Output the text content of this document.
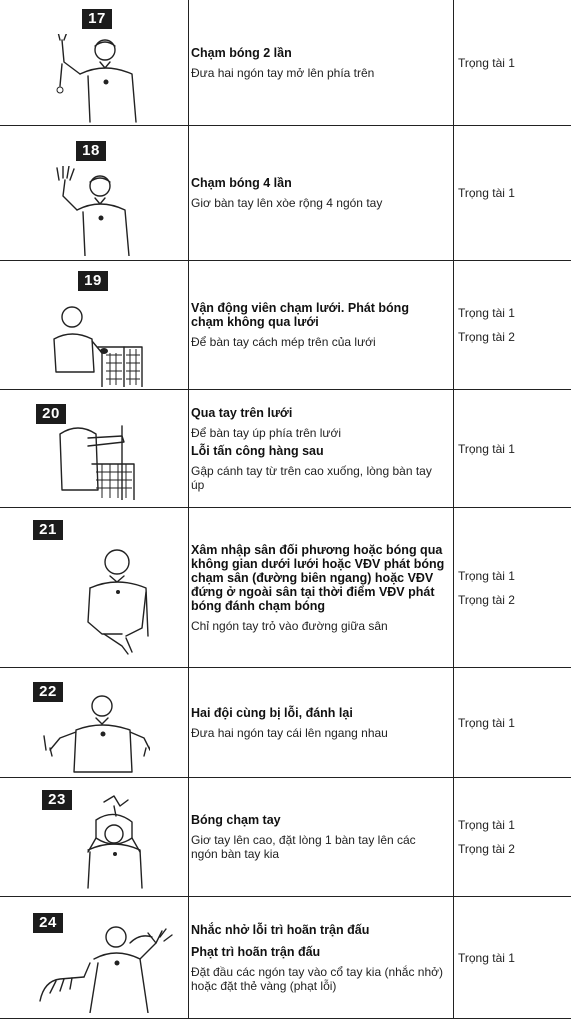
17
Chạm bóng 2 lần
Đưa hai ngón tay mở lên phía trên
Trọng tài 1
18
Chạm bóng 4 lần
Giơ bàn tay lên xòe rộng 4 ngón tay
Trọng tài 1
19
Vận động viên chạm lưới. Phát bóng chạm không qua lưới
Để bàn tay cách mép trên của lưới
Trọng tài 1
Trọng tài 2
20	Qua tay trên lưới
Để bàn tay úp phía trên lưới
Lỗi tấn công hàng sau
Gập cánh tay từ trên cao xuống, lòng bàn tay úp
Trọng tài 1
21
Xâm nhập sân đối phương hoặc bóng qua không gian dưới lưới hoặc VĐV phát bóng chạm sân (đường biên ngang) hoặc VĐV đứng ở ngoài sân tại thời điểm VĐV phát bóng đánh chạm bóng
Chỉ ngón tay trỏ vào đường giữa sân
Trọng tài 1
Trọng tài 2
22
Hai đội cùng bị lỗi, đánh lại
Đưa hai ngón tay cái lên ngang nhau
Trọng tài 1
23
Bóng chạm tay
Giơ tay lên cao, đặt lòng 1 bàn tay lên các ngón bàn tay kia
Trọng tài 1
Trọng tài 2
24	Nhắc nhở lỗi trì hoãn trận đấu
Phạt trì hoãn trận đấu
Đặt đầu các ngón tay vào cổ tay kia (nhắc nhở) hoặc đặt thẻ vàng (phạt lỗi)
Trọng tài 1
